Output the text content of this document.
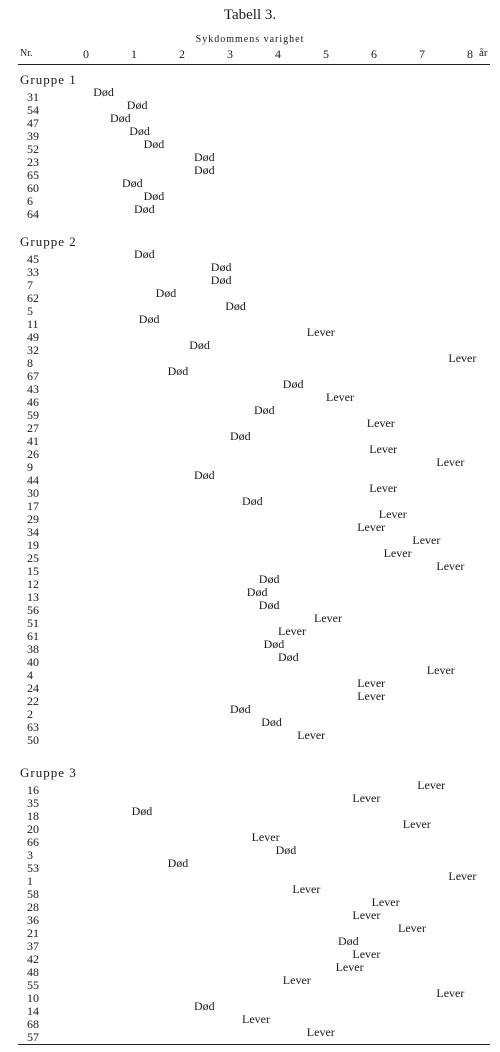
Tabell 3.
Sykdommens varighet
Nr.	0	1	2	3	4	5	6	7	8 år
Gruppe 1
31	Død
54	Død
47	Død
39	Død
52	Død
23	Død
65	Død
60	Død
6	Død
64	Død
Gruppe 2
45	Død
33	Død
7	Død
62	Død
5	Død
11	Død
49	Lever
32	Død
8	Lever
67	Død
43	Død
46	Lever
59	Død
27	Lever
41	Død
26	Lever
9	Lever
44	Død
30	Lever
17	Død
29	Lever
34	Lever
19	Lever
25	Lever
15	Lever
12	Død
13	Død
56	Død
51	Lever
61	Lever
38	Død
40	Død
4	Lever
24	Lever
22	Lever
2	Død
63	Død
50	Lever
Gruppe 3
16	Lever
35	Lever
18	Død
20	Lever
66	Lever
3	Død
53	Død
1	Lever
58	Lever
28	Lever
36	Lever
21	Lever
37	Død
42	Lever
48	Lever
55	Lever
10	Lever
14	Død
68	Lever
57	Lever
